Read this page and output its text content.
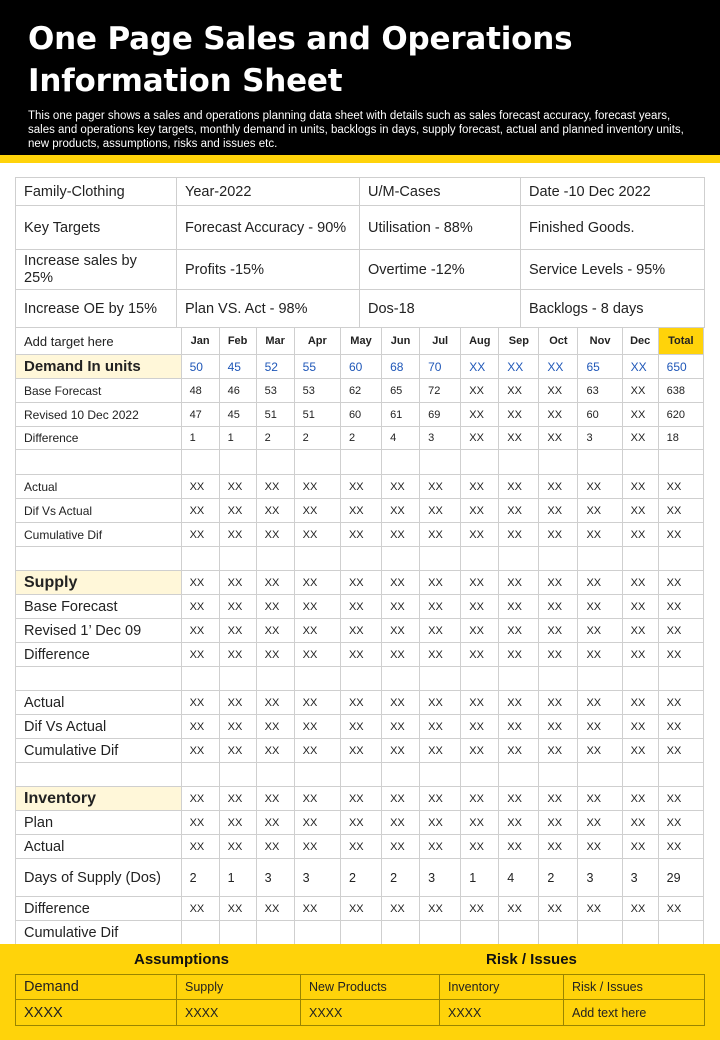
One Page Sales and Operations
Information Sheet
This one pager shows a sales and operations planning data sheet with details such as sales forecast accuracy, forecast years, sales and operations key targets, monthly demand in units, backlogs in days, supply forecast, actual and planned inventory units, new products, assumptions, risks and issues etc.
Family-Clothing	Year-2022	U/M-Cases	Date -10 Dec 2022
Key Targets	Forecast Accuracy - 90%	Utilisation - 88%	Finished Goods.
Increase sales by 25%	Profits -15%	Overtime -12%	Service Levels - 95%
Increase OE by 15%	Plan VS. Act - 98%	Dos-18	Backlogs - 8 days
Add target here	Jan	Feb	Mar	Apr	May	Jun	Jul	Aug	Sep	Oct	Nov	Dec	Total
Demand In units	50	45	52	55	60	68	70	XX	XX	XX	65	XX	650
Base Forecast	48	46	53	53	62	65	72	XX	XX	XX	63	XX	638
Revised 10 Dec 2022	47	45	51	51	60	61	69	XX	XX	XX	60	XX	620
Difference	1	1	2	2	2	4	3	XX	XX	XX	3	XX	18

Actual	XX	XX	XX	XX	XX	XX	XX	XX	XX	XX	XX	XX	XX
Dif Vs Actual	XX	XX	XX	XX	XX	XX	XX	XX	XX	XX	XX	XX	XX
Cumulative Dif	XX	XX	XX	XX	XX	XX	XX	XX	XX	XX	XX	XX	XX

Supply	XX	XX	XX	XX	XX	XX	XX	XX	XX	XX	XX	XX	XX
Base Forecast	XX	XX	XX	XX	XX	XX	XX	XX	XX	XX	XX	XX	XX
Revised 1’ Dec 09	XX	XX	XX	XX	XX	XX	XX	XX	XX	XX	XX	XX	XX
Difference	XX	XX	XX	XX	XX	XX	XX	XX	XX	XX	XX	XX	XX

Actual	XX	XX	XX	XX	XX	XX	XX	XX	XX	XX	XX	XX	XX
Dif Vs Actual	XX	XX	XX	XX	XX	XX	XX	XX	XX	XX	XX	XX	XX
Cumulative Dif	XX	XX	XX	XX	XX	XX	XX	XX	XX	XX	XX	XX	XX

Inventory	XX	XX	XX	XX	XX	XX	XX	XX	XX	XX	XX	XX	XX
Plan	XX	XX	XX	XX	XX	XX	XX	XX	XX	XX	XX	XX	XX
Actual	XX	XX	XX	XX	XX	XX	XX	XX	XX	XX	XX	XX	XX
Days of Supply (Dos)	2	1	3	3	2	2	3	1	4	2	3	3	29
Difference	XX	XX	XX	XX	XX	XX	XX	XX	XX	XX	XX	XX	XX
Cumulative Dif													
Assumptions	Risk / Issues
Demand	Supply	New Products	Inventory	Risk / Issues
XXXX	XXXX	XXXX	XXXX	Add text here
